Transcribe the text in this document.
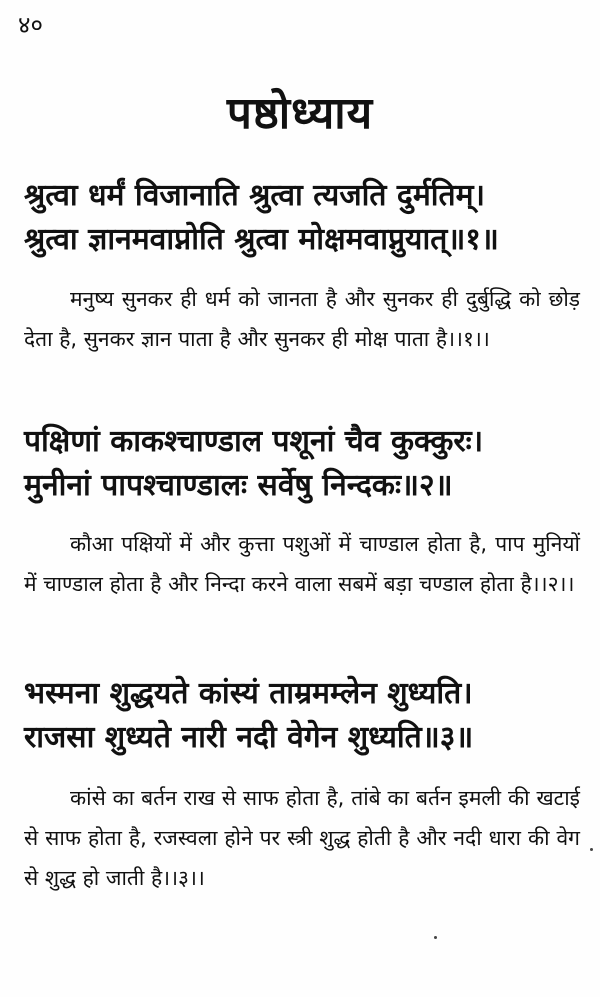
४०
पष्ठोध्याय
श्रुत्वा धर्मं विजानाति श्रुत्वा त्यजति दुर्मतिम्।
श्रुत्वा ज्ञानमवाप्नोति श्रुत्वा मोक्षमवाप्नुयात्॥१॥
मनुष्य सुनकर ही धर्म को जानता है और सुनकर ही दुर्बुद्धि को छोड़ देता है, सुनकर ज्ञान पाता है और सुनकर ही मोक्ष पाता है।।१।।
पक्षिणां काकश्चाण्डाल पशूनां चैव कुक्कुरः।
मुनीनां पापश्चाण्डालः सर्वेषु निन्दकः॥२॥
कौआ पक्षियों में और कुत्ता पशुओं में चाण्डाल होता है, पाप मुनियों में चाण्डाल होता है और निन्दा करने वाला सबमें बड़ा चण्डाल होता है।।२।।
भस्मना शुद्धयते कांस्यं ताम्रमम्लेन शुध्यति।
राजसा शुध्यते नारी नदी वेगेन शुध्यति॥३॥
कांसे का बर्तन राख से साफ होता है, तांबे का बर्तन इमली की खटाई से साफ होता है, रजस्वला होने पर स्त्री शुद्ध होती है और नदी धारा की वेग से शुद्ध हो जाती है।।३।।
